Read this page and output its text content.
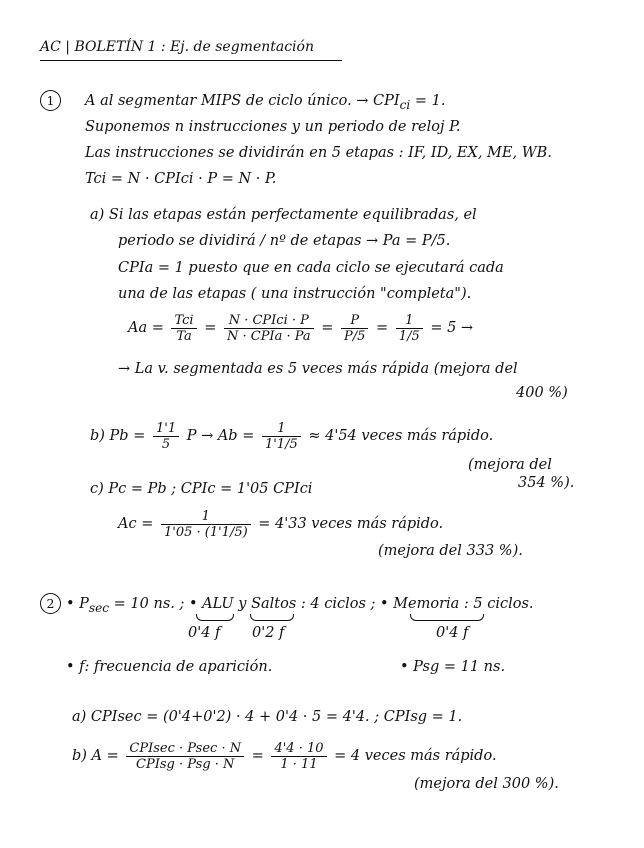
AC | BOLETÍN 1 : Ej. de segmentación
1	A al segmentar MIPS de ciclo único. → $CPI_{ci} = 1$.
Suponemos n instrucciones y un periodo de reloj P.
Las instrucciones se dividirán en 5 etapas : IF, ID, EX, ME, WB.
Tci = N · CPIci · P = N · P.
a) Si las etapas están perfectamente equilibradas, el
periodo se dividirá / nº de etapas → Pa = P/5.
CPIa = 1 puesto que en cada ciclo se ejecutará cada
una de las etapas ( una instrucción "completa").
$Aa = \frac{\text{Tci}}{Ta} = \frac{\text{N · CPIci · P}}{\text{N · CPIa · Pa}} = \frac{P}{P/5} = \frac{1}{1/5} = 5$ →
→ La v. segmentada es 5 veces más rápida (mejora del
400 %)
b) $Pb = \frac{1'1}{5}$ $P \to Ab = \frac{1}{1'1/5} \approx 4'54$ veces más rápido.
(mejora del
354 %).
c) Pc = Pb ; CPIc = 1'05 CPIci
$Ac = \frac{1}{1'05 \cdot (1'1/5)} = 4'33$ veces más rápido.
(mejora del 333 %).
2 • $P_{sec} = 10$ ns. ; • ALU y Saltos : 4 ciclos ; • Memoria : 5 ciclos.
0'4 f 0'2 f	0'4 f
• f: frecuencia de aparición.	• Psg = 11 ns.
a) CPIsec = (0'4+0'2) · 4 + 0'4 · 5 = 4'4. ; CPIsg = 1.
b) $A = \frac{\text{CPIsec · Psec · N}}{\text{CPIsg · Psg · N}} = \frac{4'4 \cdot 10}{1 \cdot 11} = 4$ veces más rápido.
(mejora del 300 %).
